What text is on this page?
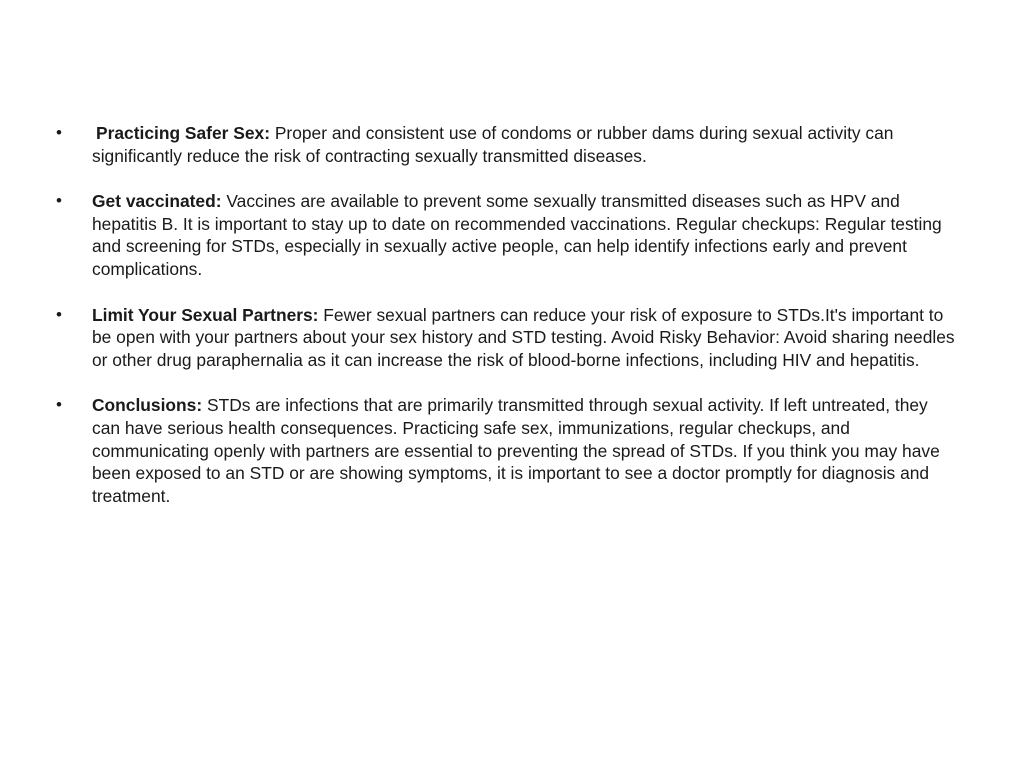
•	Practicing Safer Sex: Proper and consistent use of condoms or rubber dams during sexual activity can significantly reduce the risk of contracting sexually transmitted diseases.
•	Get vaccinated: Vaccines are available to prevent some sexually transmitted diseases such as HPV and hepatitis B. It is important to stay up to date on recommended vaccinations. Regular checkups: Regular testing and screening for STDs, especially in sexually active people, can help identify infections early and prevent complications.
•	Limit Your Sexual Partners: Fewer sexual partners can reduce your risk of exposure to STDs.It's important to be open with your partners about your sex history and STD testing. Avoid Risky Behavior: Avoid sharing needles or other drug paraphernalia as it can increase the risk of blood-borne infections, including HIV and hepatitis.
•	Conclusions: STDs are infections that are primarily transmitted through sexual activity. If left untreated, they can have serious health consequences. Practicing safe sex, immunizations, regular checkups, and communicating openly with partners are essential to preventing the spread of STDs. If you think you may have been exposed to an STD or are showing symptoms, it is important to see a doctor promptly for diagnosis and treatment.
